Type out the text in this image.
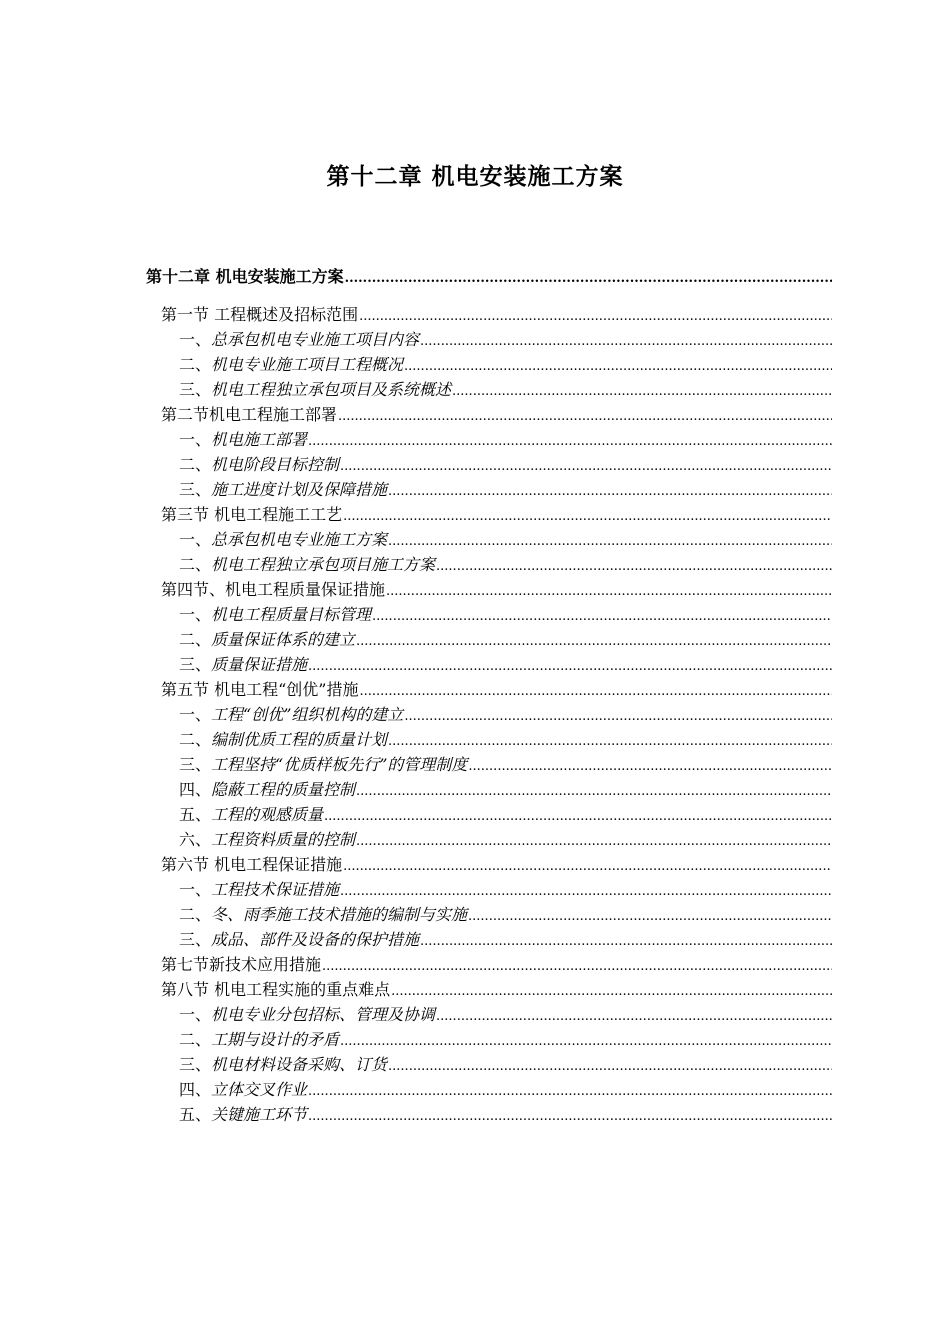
第十二章 机电安装施工方案
第十二章 机电安装施工方案
.....
第一节 工程概述及招标范围
.....
一、总承包机电专业施工项目内容
.....
二、机电专业施工项目工程概况
.....
三、机电工程独立承包项目及系统概述
.....
第二节机电工程施工部署
.....
一、机电施工部署
.....
二、机电阶段目标控制
.....
三、施工进度计划及保障措施
.....
第三节 机电工程施工工艺
.....
一、总承包机电专业施工方案
.....
二、机电工程独立承包项目施工方案
.....
第四节、机电工程质量保证措施
.....
一、机电工程质量目标管理
.....
二、质量保证体系的建立
.....
三、质量保证措施
.....
第五节 机电工程“创优”措施
.....
一、工程“创优”组织机构的建立
.....
二、编制优质工程的质量计划
.....
三、工程坚持“优质样板先行”的管理制度
.....
四、隐蔽工程的质量控制
.....
五、工程的观感质量
.....
六、工程资料质量的控制
.....
第六节 机电工程保证措施
.....
一、工程技术保证措施
.....
二、冬、雨季施工技术措施的编制与实施
.....
三、成品、部件及设备的保护措施
.....
第七节新技术应用措施
.....
第八节 机电工程实施的重点难点
.....
一、机电专业分包招标、管理及协调
.....
二、工期与设计的矛盾
.....
三、机电材料设备采购、订货
.....
四、立体交叉作业
.....
五、关键施工环节
.....
